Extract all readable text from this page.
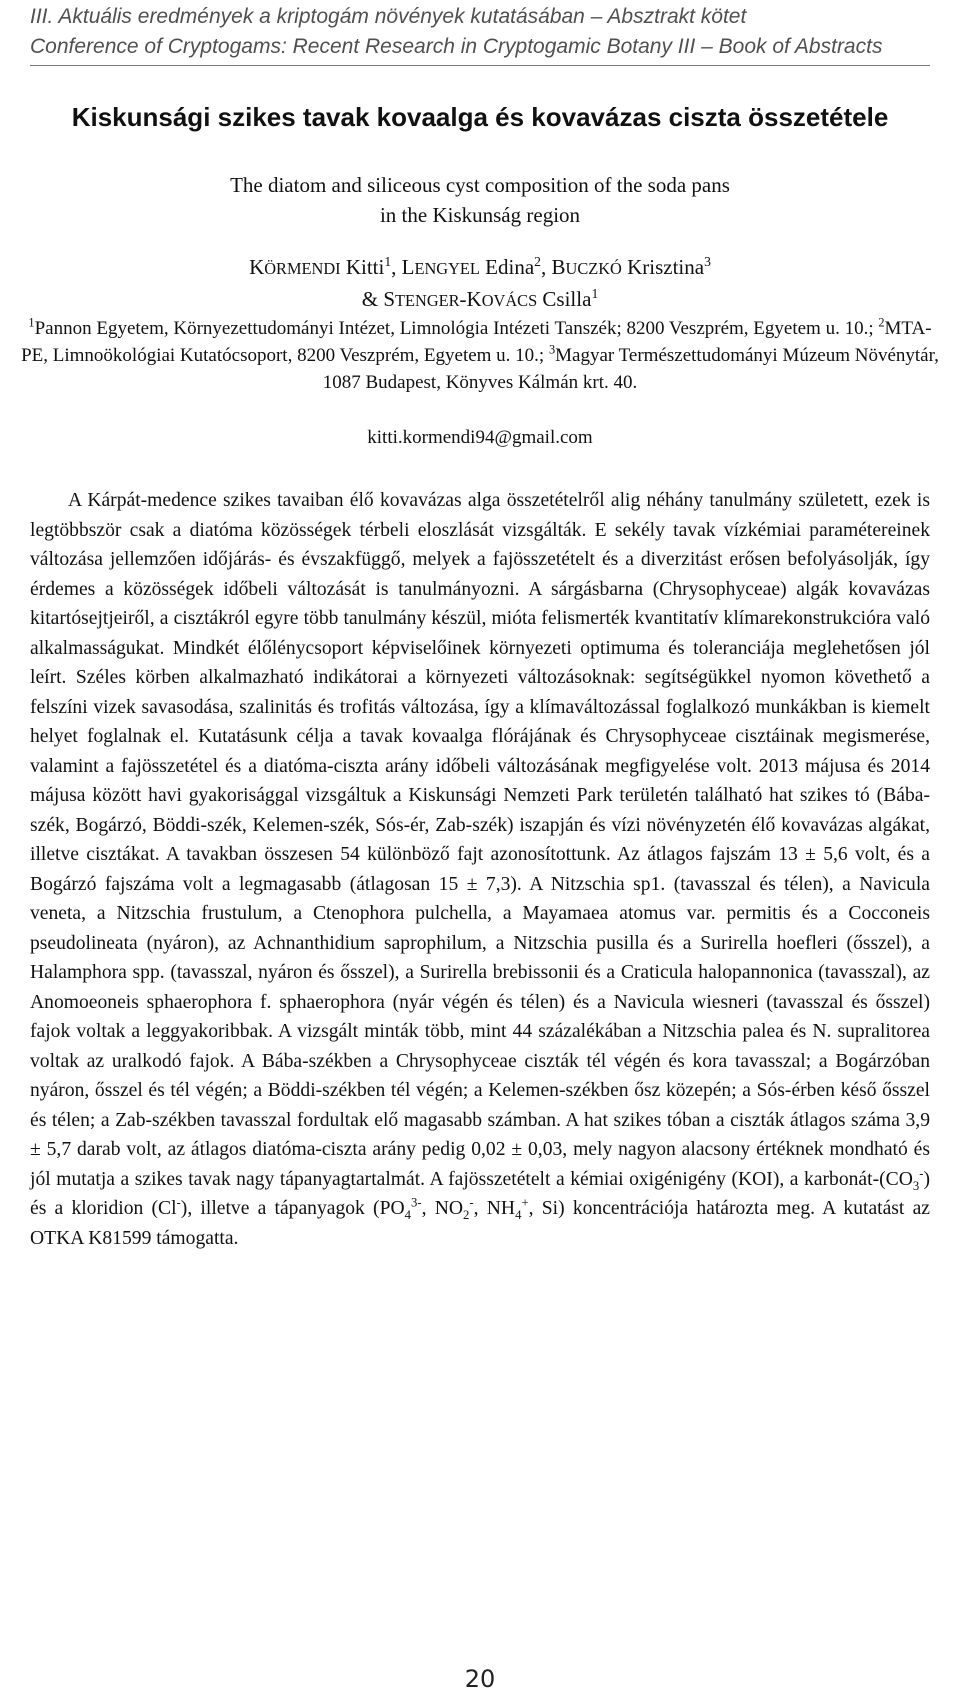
III. Aktuális eredmények a kriptogám növények kutatásában – Absztrakt kötet
Conference of Cryptogams: Recent Research in Cryptogamic Botany III – Book of Abstracts
Kiskunsági szikes tavak kovaalga és kovavázas ciszta összetétele
The diatom and siliceous cyst composition of the soda pans
in the Kiskunság region
KÖRMENDI Kitti$^1$, LENGYEL Edina$^2$, BUCZKÓ Krisztina$^3$
& STENGER-KOVÁCS Csilla$^1$
$^1$Pannon Egyetem, Környezettudományi Intézet, Limnológia Intézeti Tanszék; 8200 Veszprém, Egyetem u. 10.; $^2$MTA-PE, Limnoökológiai Kutatócsoport, 8200 Veszprém, Egyetem u. 10.; $^3$Magyar Természettudományi Múzeum Növénytár, 1087 Budapest, Könyves Kálmán krt. 40.
kitti.kormendi94@gmail.com

A Kárpát-medence szikes tavaiban élő kovavázas alga összetételről alig néhány tanulmány született, ezek is legtöbbször csak a diatóma közösségek térbeli eloszlását vizsgálták. E sekély tavak vízkémiai paramétereinek változása jellemzően időjárás- és évszakfüggő, melyek a fajösszetételt és a diverzitást erősen befolyásolják, így érdemes a közösségek időbeli változását is tanulmányozni. A sárgásbarna (Chrysophyceae) algák kovavázas kitartósejtjeiről, a cisztákról egyre több tanulmány készül, mióta felismerték kvantitatív klímarekonstrukcióra való alkalmasságukat. Mindkét élőlénycsoport képviselőinek környezeti optimuma és toleranciája meglehetősen jól leírt. Széles körben alkalmazható indikátorai a környezeti változásoknak: segítségükkel nyomon követhető a felszíni vizek savasodása, szalinitás és trofitás változása, így a klímaváltozással foglalkozó munkákban is kiemelt helyet foglalnak el. Kutatásunk célja a tavak kovaalga flórájának és Chrysophyceae cisztáinak megismerése, valamint a fajösszetétel és a diatóma-ciszta arány időbeli változásának megfigyelése volt. 2013 májusa és 2014 májusa között havi gyakorisággal vizsgáltuk a Kiskunsági Nemzeti Park területén található hat szikes tó (Bába-szék, Bogárzó, Böddi-szék, Kelemen-szék, Sós-ér, Zab-szék) iszapján és vízi növényzetén élő kovavázas algákat, illetve cisztákat. A tavakban összesen 54 különböző fajt azonosítottunk. Az átlagos fajszám 13 ± 5,6 volt, és a Bogárzó fajszáma volt a legmagasabb (átlagosan 15 ± 7,3). A Nitzschia sp1. (tavasszal és télen), a Navicula veneta, a Nitzschia frustulum, a Ctenophora pulchella, a Mayamaea atomus var. permitis és a Cocconeis pseudolineata (nyáron), az Achnanthidium saprophilum, a Nitzschia pusilla és a Surirella hoefleri (ősszel), a Halamphora spp. (tavasszal, nyáron és ősszel), a Surirella brebissonii és a Craticula halopannonica (tavasszal), az Anomoeoneis sphaerophora f. sphaerophora (nyár végén és télen) és a Navicula wiesneri (tavasszal és ősszel) fajok voltak a leggyakoribbak. A vizsgált minták több, mint 44 százalékában a Nitzschia palea és N. supralitorea voltak az uralkodó fajok. A Bába-székben a Chrysophyceae ciszták tél végén és kora tavasszal; a Bogárzóban nyáron, ősszel és tél végén; a Böddi-székben tél végén; a Kelemen-székben ősz közepén; a Sós-érben késő ősszel és télen; a Zab-székben tavasszal fordultak elő magasabb számban. A hat szikes tóban a ciszták átlagos száma 3,9 ± 5,7 darab volt, az átlagos diatóma-ciszta arány pedig 0,02 ± 0,03, mely nagyon alacsony értéknek mondható és jól mutatja a szikes tavak nagy tápanyagtartalmát. A fajösszetételt a kémiai oxigénigény (KOI), a karbonát-$(CO_3^-)$ és a kloridion (Cl-), illetve a tápanyagok ($PO_4^{3-}$, $NO_2^-$, $NH_4^+$, Si) koncentrációja határozta meg. A kutatást az OTKA K81599 támogatta.

20
